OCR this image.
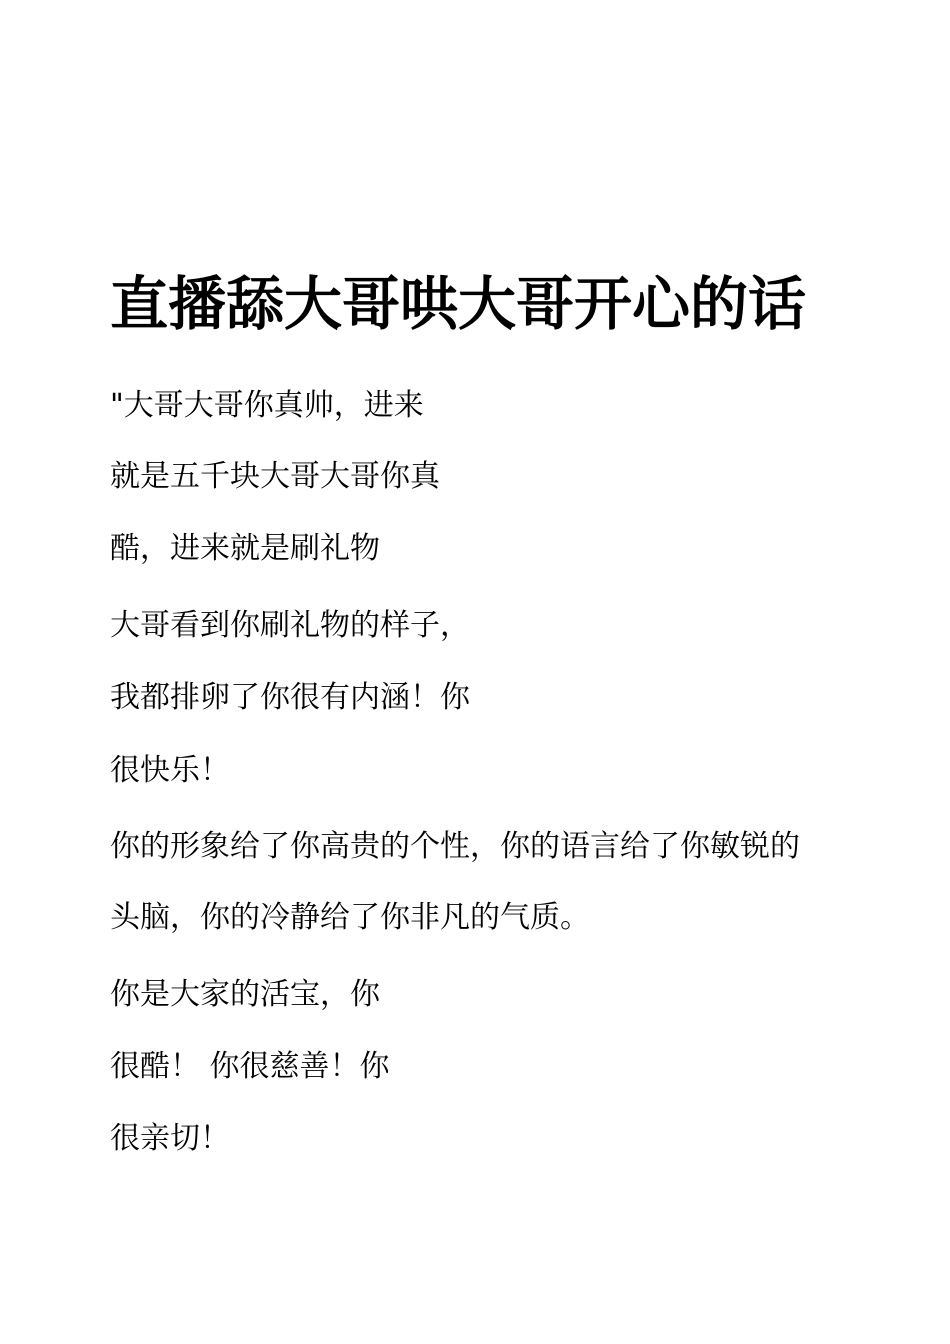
直播舔大哥哄大哥开心的话

"大哥大哥你真帅，进来

就是五千块大哥大哥你真

酷，进来就是刷礼物

大哥看到你刷礼物的样子，

我都排卵了你很有内涵！你

很快乐！

你的形象给了你高贵的个性，你的语言给了你敏锐的

头脑，你的冷静给了你非凡的气质。

你是大家的活宝，你

很酷！ 你很慈善！你

很亲切！
